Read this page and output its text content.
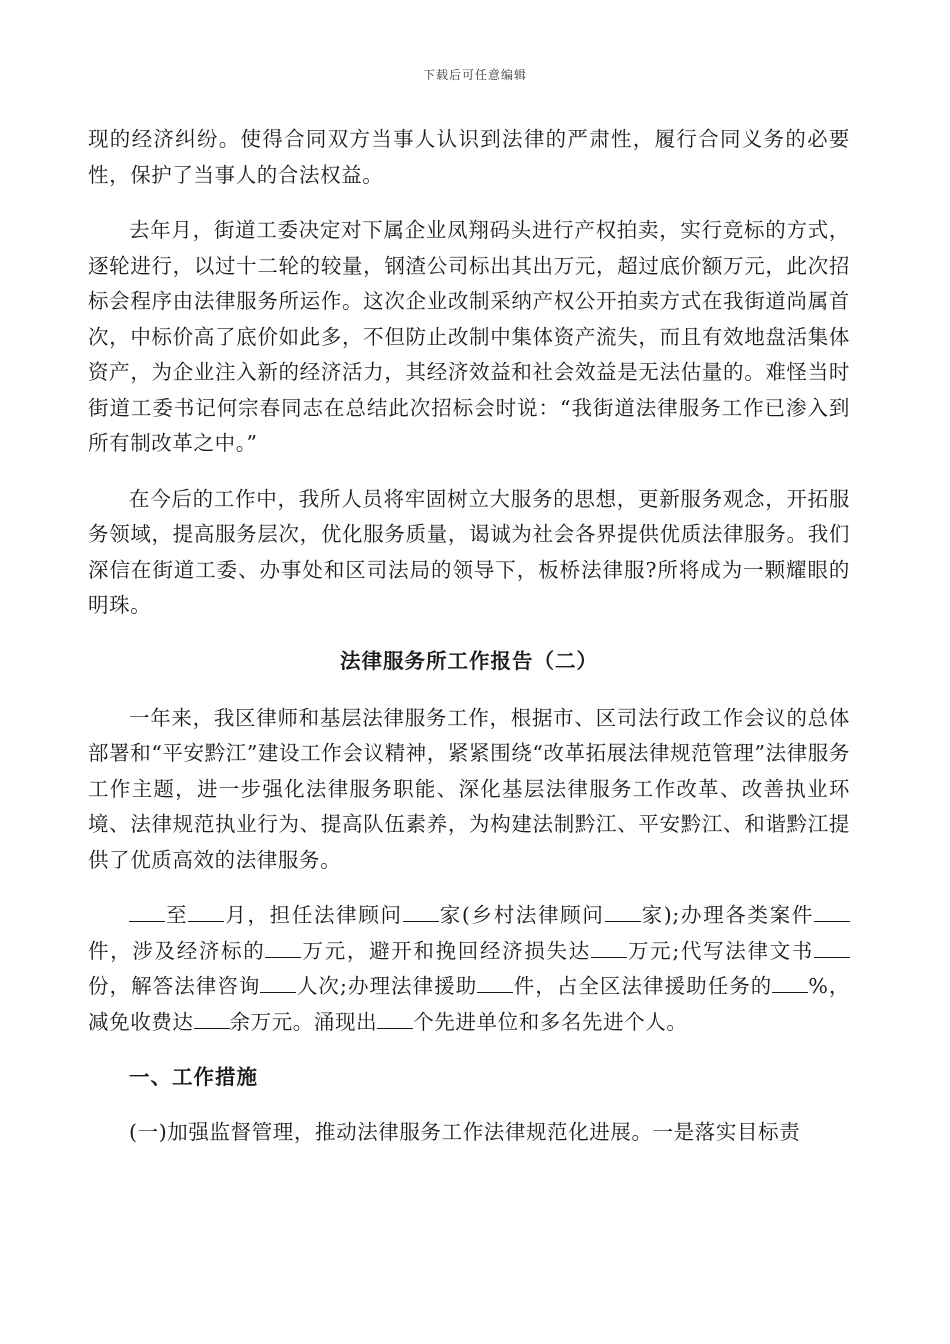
下载后可任意编辑

现的经济纠纷。使得合同双方当事人认识到法律的严肃性，履行合同义务的必要性，保护了当事人的合法权益。

去年月，街道工委决定对下属企业凤翔码头进行产权拍卖，实行竞标的方式，逐轮进行，以过十二轮的较量，钢渣公司标出其出万元，超过底价额万元，此次招标会程序由法律服务所运作。这次企业改制采纳产权公开拍卖方式在我街道尚属首次，中标价高了底价如此多，不但防止改制中集体资产流失，而且有效地盘活集体资产，为企业注入新的经济活力，其经济效益和社会效益是无法估量的。难怪当时街道工委书记何宗春同志在总结此次招标会时说：“我街道法律服务工作已渗入到所有制改革之中。”

在今后的工作中，我所人员将牢固树立大服务的思想，更新服务观念，开拓服务领域，提高服务层次，优化服务质量，谒诚为社会各界提供优质法律服务。我们深信在街道工委、办事处和区司法局的领导下，板桥法律服?所将成为一颗耀眼的明珠。

法律服务所工作报告（二）

一年来，我区律师和基层法律服务工作，根据市、区司法行政工作会议的总体部署和“平安黔江”建设工作会议精神，紧紧围绕“改革拓展法律规范管理”法律服务工作主题，进一步强化法律服务职能、深化基层法律服务工作改革、改善执业环境、法律规范执业行为、提高队伍素养，为构建法制黔江、平安黔江、和谐黔江提供了优质高效的法律服务。

至 月，担任法律顾问 家(乡村法律顾问 家);办理各类案件件，涉及经济标的 万元，避开和挽回经济损失达 万元;代写法律文书份，解答法律咨询 人次;办理法律援助 件，占全区法律援助任务的 %，减免收费达 余万元。涌现出 个先进单位和多名先进个人。

一、工作措施

(一)加强监督管理，推动法律服务工作法律规范化进展。一是落实目标责
